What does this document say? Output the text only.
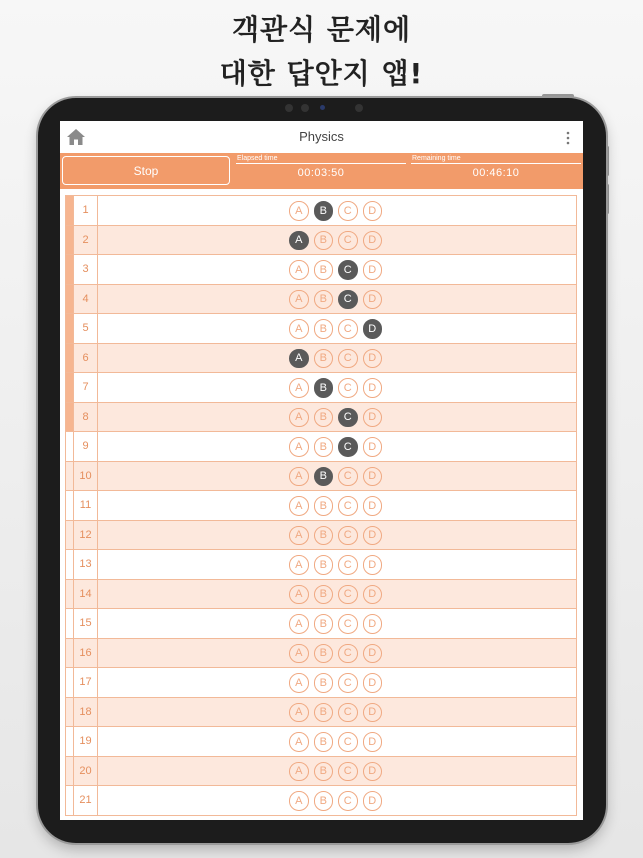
객관식 문제에
대한 답안지 앱!
Physics
Stop
Elapsed time
00:03:50
Remaining time
00:46:10
1	A	B	C	D
2	A	B	C	D
3	A	B	C	D
4	A	B	C	D
5	A	B	C	D
6	A	B	C	D
7	A	B	C	D
8	A	B	C	D
9	A	B	C	D
10	A	B	C	D
11	A	B	C	D
12	A	B	C	D
13	A	B	C	D
14	A	B	C	D
15	A	B	C	D
16	A	B	C	D
17	A	B	C	D
18	A	B	C	D
19	A	B	C	D
20	A	B	C	D
21	A	B	C	D
